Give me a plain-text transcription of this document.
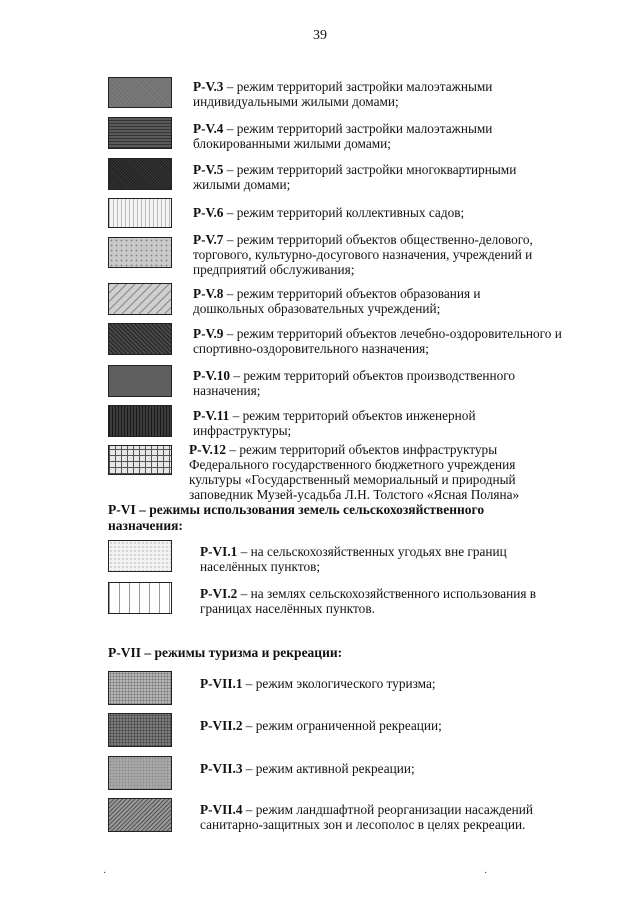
39
Р-V.3 – режим территорий застройки малоэтажными индивидуальными жилыми домами;
Р-V.4 – режим территорий застройки малоэтажными блокированными жилыми домами;
Р-V.5 – режим территорий застройки многоквартирными жилыми домами;
Р-V.6 – режим территорий коллективных садов;
Р-V.7 – режим территорий объектов общественно-делового, торгового, культурно-досугового назначения, учреждений и предприятий обслуживания;
Р-V.8 – режим территорий объектов образования и дошкольных образовательных учреждений;
Р-V.9 – режим территорий объектов лечебно-оздоровительного и спортивно-оздоровительного назначения;
Р-V.10 – режим территорий объектов производственного назначения;
Р-V.11 – режим территорий объектов инженерной инфраструктуры;
Р-V.12 – режим территорий объектов инфраструктуры Федерального государственного бюджетного учреждения культуры «Государственный мемориальный и природный заповедник Музей-усадьба Л.Н. Толстого «Ясная Поляна»
Р-VI – режимы использования земель сельскохозяйственного назначения:
Р-VI.1 – на сельскохозяйственных угодьях вне границ населённых пунктов;
Р-VI.2 – на землях сельскохозяйственного использования в границах населённых пунктов.
Р-VII – режимы туризма и рекреации:
Р-VII.1 – режим экологического туризма;
Р-VII.2 – режим ограниченной рекреации;
Р-VII.3 – режим активной рекреации;
Р-VII.4 – режим ландшафтной реорганизации насаждений санитарно-защитных зон и лесополос в целях рекреации.
·	·
